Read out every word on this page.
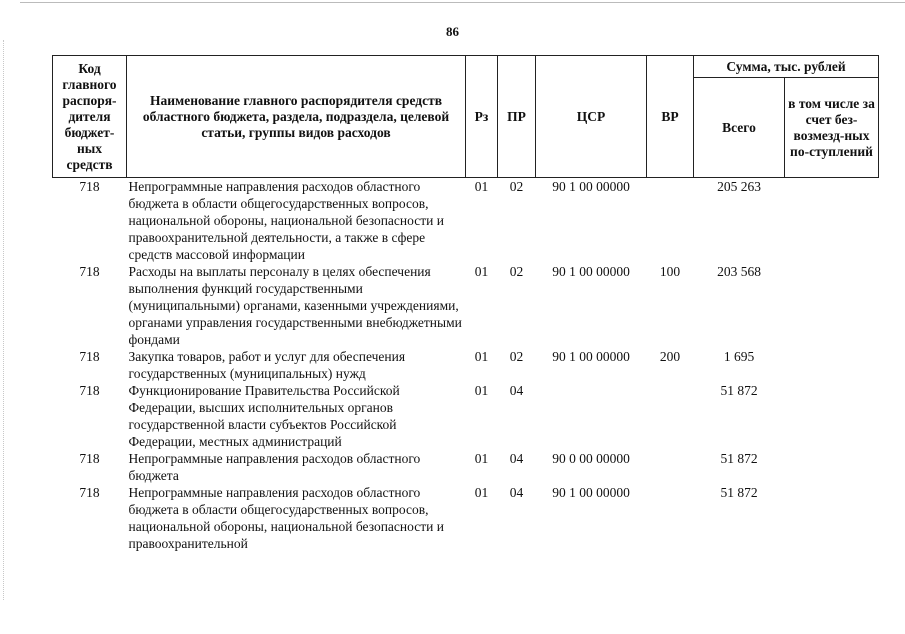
86
Код главного распоря-дителя бюджет-ных средств	Наименование главного распорядителя средств областного бюджета, раздела, подраздела, целевой статьи, группы видов расходов	Рз	ПР	ЦСР	ВР	Сумма, тыс. рублей	
						Всего	в том числе за счет без-возмезд-ных по-ступлений
718	Непрограммные направления расходов областного бюджета в области общегосударственных вопросов, национальной обороны, национальной безопасности и правоохранительной деятельности, а также в сфере средств массовой информации	01	02	90 1 00 00000		205 263	
718	Расходы на выплаты персоналу в целях обеспечения выполнения функций государственными (муниципальными) органами, казенными учреждениями, органами управления государственными внебюджетными фондами	01	02	90 1 00 00000	100	203 568	
718	Закупка товаров, работ и услуг для обеспечения государственных (муниципальных) нужд	01	02	90 1 00 00000	200	1 695	
718	Функционирование Правительства Российской Федерации, высших исполнительных органов государственной власти субъектов Российской Федерации, местных администраций	01	04			51 872	
718	Непрограммные направления расходов областного бюджета	01	04	90 0 00 00000		51 872	
718	Непрограммные направления расходов областного бюджета в области общегосударственных вопросов, национальной обороны, национальной безопасности и правоохранительной	01	04	90 1 00 00000		51 872	
